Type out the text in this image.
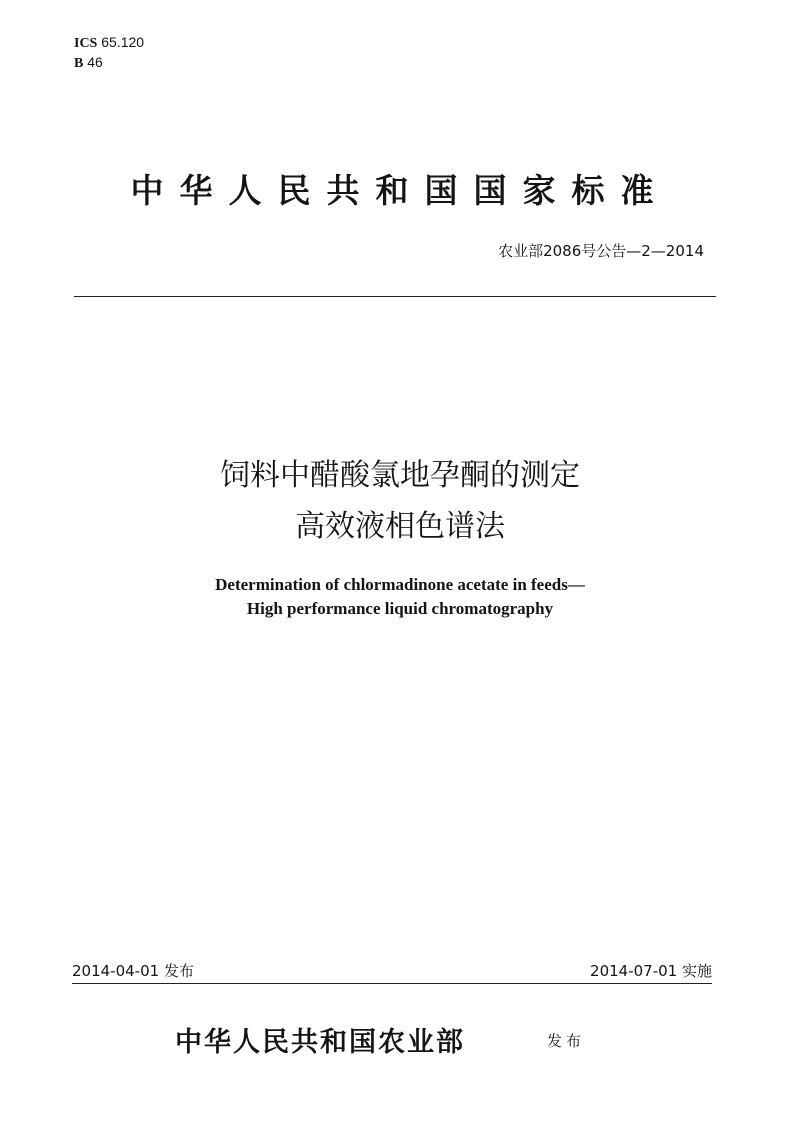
ICS 65.120
B 46
中华人民共和国国家标准
农业部2086号公告—2—2014
饲料中醋酸氯地孕酮的测定
高效液相色谱法
Determination of chlormadinone acetate in feeds—
High performance liquid chromatography
2014-04-01 发布	2014-07-01 实施
中华人民共和国农业部	发布
